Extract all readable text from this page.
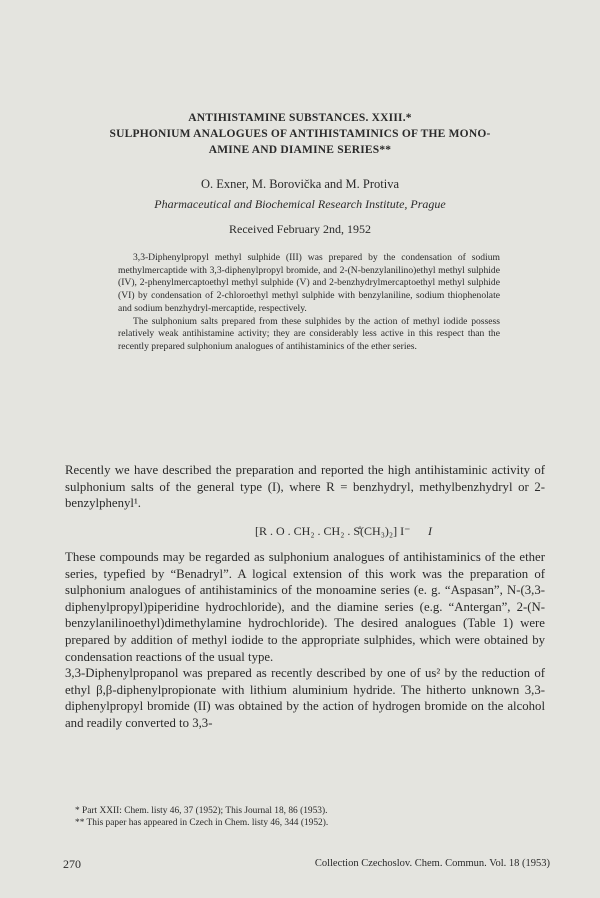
ANTIHISTAMINE SUBSTANCES. XXIII.*
SULPHONIUM ANALOGUES OF ANTIHISTAMINICS OF THE MONO-
AMINE AND DIAMINE SERIES**
O. Exner, M. Borovička and M. Protiva
Pharmaceutical and Biochemical Research Institute, Prague
Received February 2nd, 1952

3,3-Diphenylpropyl methyl sulphide (III) was prepared by the condensation of sodium methylmercaptide with 3,3-diphenylpropyl bromide, and 2-(N-benzylanilino)ethyl methyl sulphide (IV), 2-phenylmercaptoethyl methyl sulphide (V) and 2-benzhydrylmercaptoethyl methyl sulphide (VI) by condensation of 2-chloroethyl methyl sulphide with benzylaniline, sodium thiophenolate and sodium benzhydryl-mercaptide, respectively.

The sulphonium salts prepared from these sulphides by the action of methyl iodide possess relatively weak antihistamine activity; they are considerably less active in this respect than the recently prepared sulphonium analogues of antihistaminics of the ether series.

Recently we have described the preparation and reported the high antihistaminic activity of sulphonium salts of the general type (I), where R = benzhydryl, methylbenzhydryl or 2-benzylphenyl¹.

[R . O . CH₂ . CH₂ . S̊(CH₃)₂] I⁻ I

These compounds may be regarded as sulphonium analogues of antihistaminics of the ether series, typefied by “Benadryl”. A logical extension of this work was the preparation of sulphonium analogues of antihistaminics of the monoamine series (e. g. “Aspasan”, N-(3,3-diphenylpropyl)piperidine hydrochloride), and the diamine series (e.g. “Antergan”, 2-(N-benzylanilinoethyl)dimethylamine hydrochloride). The desired analogues (Table 1) were prepared by addition of methyl iodide to the appropriate sulphides, which were obtained by condensation reactions of the usual type.

3,3-Diphenylpropanol was prepared as recently described by one of us² by the reduction of ethyl β,β-diphenylpropionate with lithium aluminium hydride. The hitherto unknown 3,3-diphenylpropyl bromide (II) was obtained by the action of hydrogen bromide on the alcohol and readily converted to 3,3-

* Part XXII: Chem. listy 46, 37 (1952); This Journal 18, 86 (1953).
** This paper has appeared in Czech in Chem. listy 46, 344 (1952).
270	Collection Czechoslov. Chem. Commun. Vol. 18 (1953)
